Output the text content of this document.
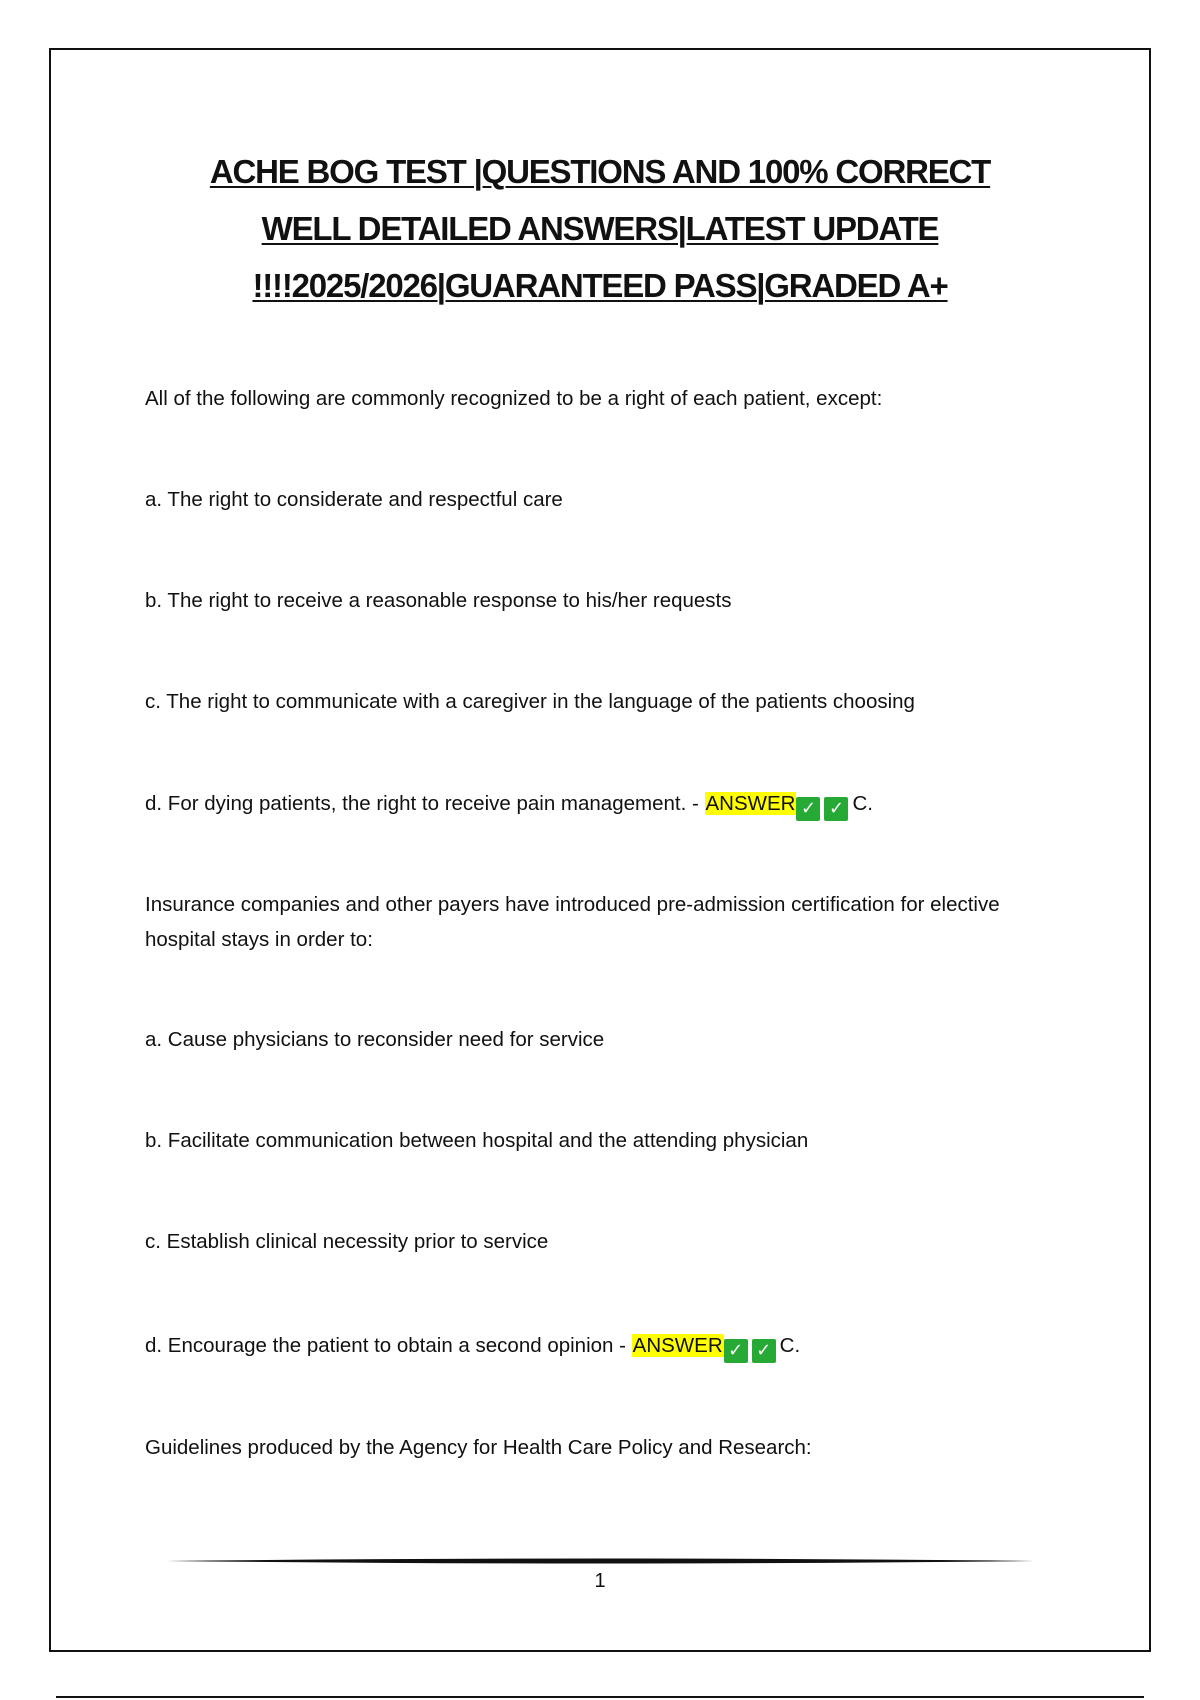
ACHE BOG TEST |QUESTIONS AND 100% CORRECT
WELL DETAILED ANSWERS|LATEST UPDATE
!!!!2025/2026|GUARANTEED PASS|GRADED A+
All of the following are commonly recognized to be a right of each patient, except:
a. The right to considerate and respectful care
b. The right to receive a reasonable response to his/her requests
c. The right to communicate with a caregiver in the language of the patients choosing
d. For dying patients, the right to receive pain management. - ANSWER ✓ ✓ C.
Insurance companies and other payers have introduced pre-admission certification for elective hospital stays in order to:
a. Cause physicians to reconsider need for service
b. Facilitate communication between hospital and the attending physician
c. Establish clinical necessity prior to service
d. Encourage the patient to obtain a second opinion - ANSWER ✓ ✓ C.
Guidelines produced by the Agency for Health Care Policy and Research:
1
